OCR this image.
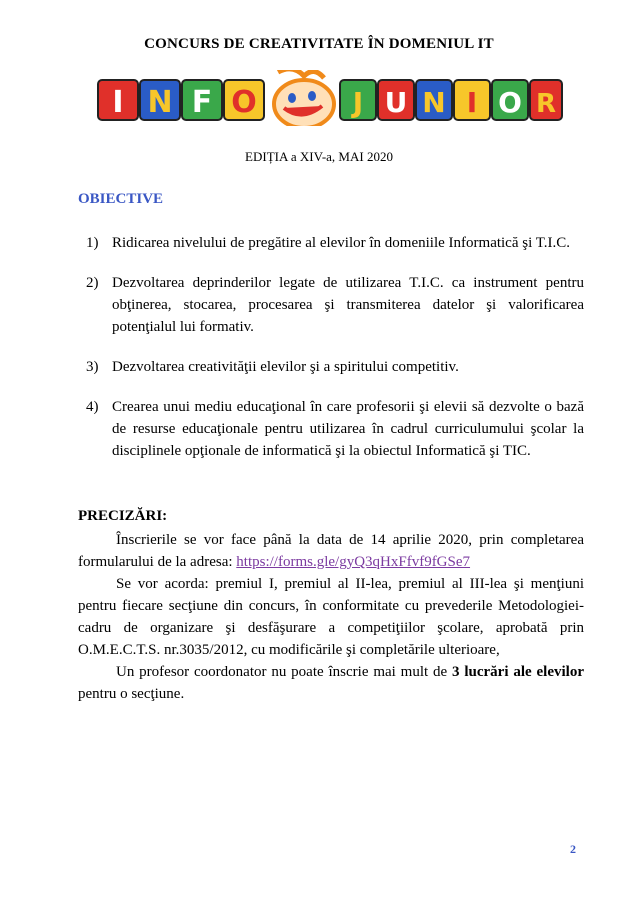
CONCURS DE CREATIVITATE ÎN DOMENIUL IT
I N F O	J U N I O R
EDIȚIA a XIV-a, MAI 2020
OBIECTIVE
1) Ridicarea nivelului de pregătire al elevilor în domeniile Informatică şi T.I.C.
2) Dezvoltarea deprinderilor legate de utilizarea T.I.C. ca instrument pentru obţinerea, stocarea, procesarea şi transmiterea datelor şi valorificarea potenţialul lui formativ.
3) Dezvoltarea creativităţii elevilor şi a spiritului competitiv.
4) Crearea unui mediu educaţional în care profesorii şi elevii să dezvolte o bază de resurse educaţionale pentru utilizarea în cadrul curriculumului şcolar la disciplinele opţionale de informatică şi la obiectul Informatică şi TIC.
PRECIZĂRI:

Înscrierile se vor face până la data de 14 aprilie 2020, prin completarea formularului de la adresa: https://forms.gle/gyQ3qHxFfvf9fGSe7

Se vor acorda: premiul I, premiul al II-lea, premiul al III-lea şi menţiuni pentru fiecare secţiune din concurs, în conformitate cu prevederile Metodologiei-cadru de organizare şi desfăşurare a competiţiilor şcolare, aprobată prin O.M.E.C.T.S. nr.3035/2012, cu modificările şi completările ulterioare,

Un profesor coordonator nu poate înscrie mai mult de 3 lucrări ale elevilor pentru o secţiune.

2
